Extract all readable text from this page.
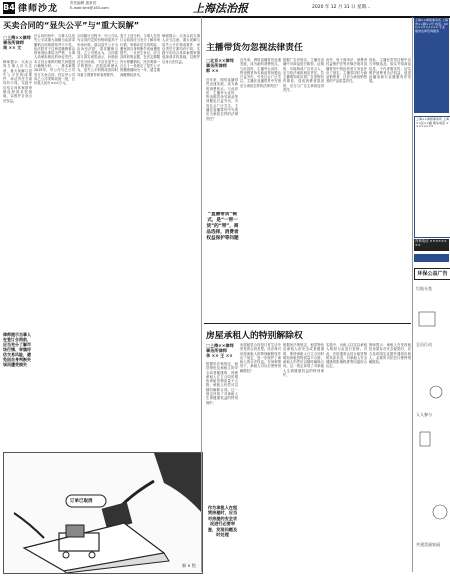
B4 律师沙龙
责任编辑 惠常初
E-mail:lshs@163.com	上海法治报	2020 年 12 月 31 日 星期…
买卖合同的“显失公平”与“重大误解”
□上海××律师
事务所律师
周 ×× 文
在合同纠纷中，当事人以显失公平或重大误解为由请求撤销合同的情形并不少见。但法院对于这两类撤销事由的审查标准较为严格，当事人须承担相应的举证责任。本文结合案例对相关问题进行梳理分析。一、基本案情 2019年，甲公司与乙公司签订买卖合同，约定甲公司向乙公司采购设备一批，总价款人民币×××万元。
合同履行过程中，甲公司认为合同约定的价格明显高于市场价格，遂以显失公平为由诉至法院，请求撤销合同。乙公司则认为，合同系双方真实意思表示，价格经过充分协商，不存在显失公平的情形。法院经审理认为，显失公平的构成须同时具备主观要件和客观要件。
鉴于上述分析，当事人在签订合同前应当充分了解市场行情，审慎评估交易风险，避免因自身判断失误而遭受损失。一旦发生争议，应当及时收集证据，在法定期限内行使撤销权。民法典第一百五十一条规定了显失公平的撤销期间为一年，超过期间撤销权消灭。
律师提示：买卖合同当事人应当注意，重大误解与显失公平在构成要件、举证责任方面均有不同，实践中应结合具体案情审慎选择请求权基础，以维护自身合法权益。
律师提示：买卖合同当事人应当注意，重大误解与显失公平在构成要件、举证责任方面均有不同，实践中应结合具体案情审慎选择请求权基础，以维护自身合法权益。
律师提示当事人在签订合同前，应当充分了解市场行情、审慎评估交易风险，避免因自身判断失误而遭受损失
订单已取消
郭 × 绘
主播带货勿忽视法律责任
□北京××律师
事务所律师
郭 ××
近年来，网络直播带货迅速发展，成为新的消费热点。与此同时，主播夸大宣传、售卖假冒伪劣商品等问题也日益突出，引发社会广泛关注。主播在直播带货中究竟应当承担怎样的法律责任？
根据广告法规定，主播在直播中对商品进行推荐、证明的，可能构成广告代言人，应当依法承担相应责任。若主播明知或应知广告虚假仍作推荐，造成消费者损害的，应当与广告主承担连带责任。
此外，电子商务法、消费者权益保护法等法律法规对直播带货中的经营者义务也作出了规定。主播若同时为商品销售者，还应当承担销售者的产品质量责任。
因此，主播在带货过程中应当审慎选品，如实介绍商品信息，不作虚假宣传，切实维护消费者合法权益，促进直播电商行业健康有序发展。
近年来，网络直播带货迅速发展，成为新的消费热点。与此同时，主播夸大宣传、售卖假冒伪劣商品等问题也日益突出，引发社会广泛关注。主播在直播带货中究竟应当承担怎样的法律责任？
“直播带货”模式，是“一带一货”的“带”，商品选择，消费者权益保护等问题
房屋承租人的特别解除权
□上海××律师
事务所律师
李 ×× 王 ××
房屋租赁合同是日常生活中常见的合同类型。民法典对房屋承租人的特别解除权作出了规定，进一步保护了承租人的合法权益。在何种情形下，承租人可以行使特别解除权？
根据民法典规定，租赁物危及承租人的安全或者健康的，即使承租人订立合同时明知该租赁物质量不合格，承租人仍然可以随时解除合同。这一规定体现了对承租人生命健康权益的特别保护。
实践中，出租人往往以承租人明知为由进行抗辩。对此，法院通常会结合租赁物的具体状况、对承租人安全健康的影响程度等因素综合认定。
律师提示：承租人在发现租赁房屋存在安全隐患时，应当及时固定证据并通知出租人，必要时可依法行使特别解除权。
根据民法典规定，租赁物危及承租人的安全或者健康的，即使承租人订立合同时明知该租赁物质量不合格，承租人仍然可以随时解除合同。这一规定体现了对承租人生命健康权益的特别保护。
作为承租人在租赁房屋时，应当对房屋的安全状况进行必要审查，发现问题及时处理
上海××律师事务所 上海市××路××号 电话：021-×××××××× 专业提供法律咨询服务
上海××律师事务所 上海××区××路 联系电话 ××××××××
咨询电话 ××××××××
环保公益广告
垃圾分类
全员行动
人人参与
共建美丽家园
